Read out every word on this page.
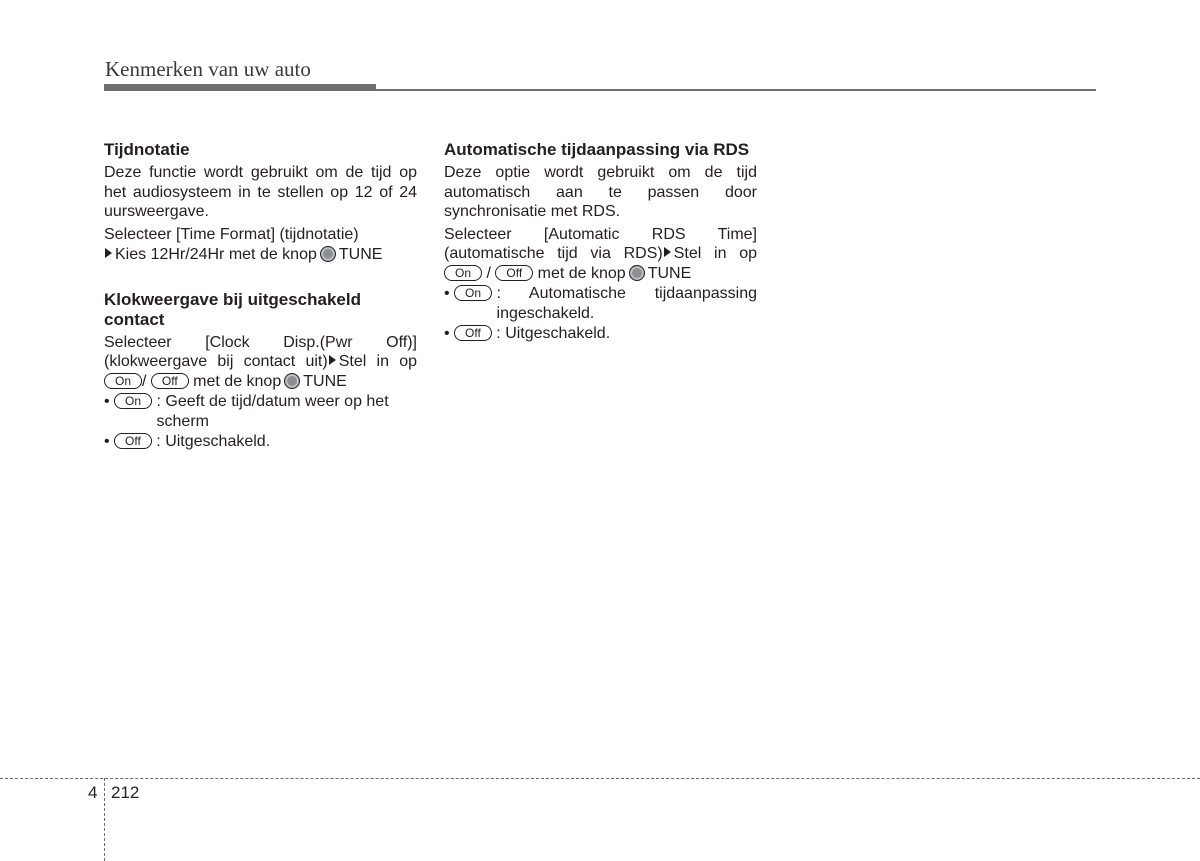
Kenmerken van uw auto
Tijdnotatie

Deze functie wordt gebruikt om de tijd op het audiosysteem in te stellen op 12 of 24 uursweergave.

Selecteer [Time Format] (tijdnotatie)

Kies 12Hr/24Hr met de knop TUNE

Klokweergave bij uitgeschakeld contact

Selecteer [Clock Disp.(Pwr Off)] (klokweergave bij contact uit) Stel in op On / Off met de knop TUNE

• On : Geeft de tijd/datum weer op het scherm
• Off : Uitgeschakeld.
Automatische tijdaanpassing via RDS

Deze optie wordt gebruikt om de tijd automatisch aan te passen door synchronisatie met RDS.

Selecteer [Automatic RDS Time] (automatische tijd via RDS) Stel in op On / Off met de knop TUNE

• On : Automatische tijdaanpassing ingeschakeld.
• Off : Uitgeschakeld.
4 212
